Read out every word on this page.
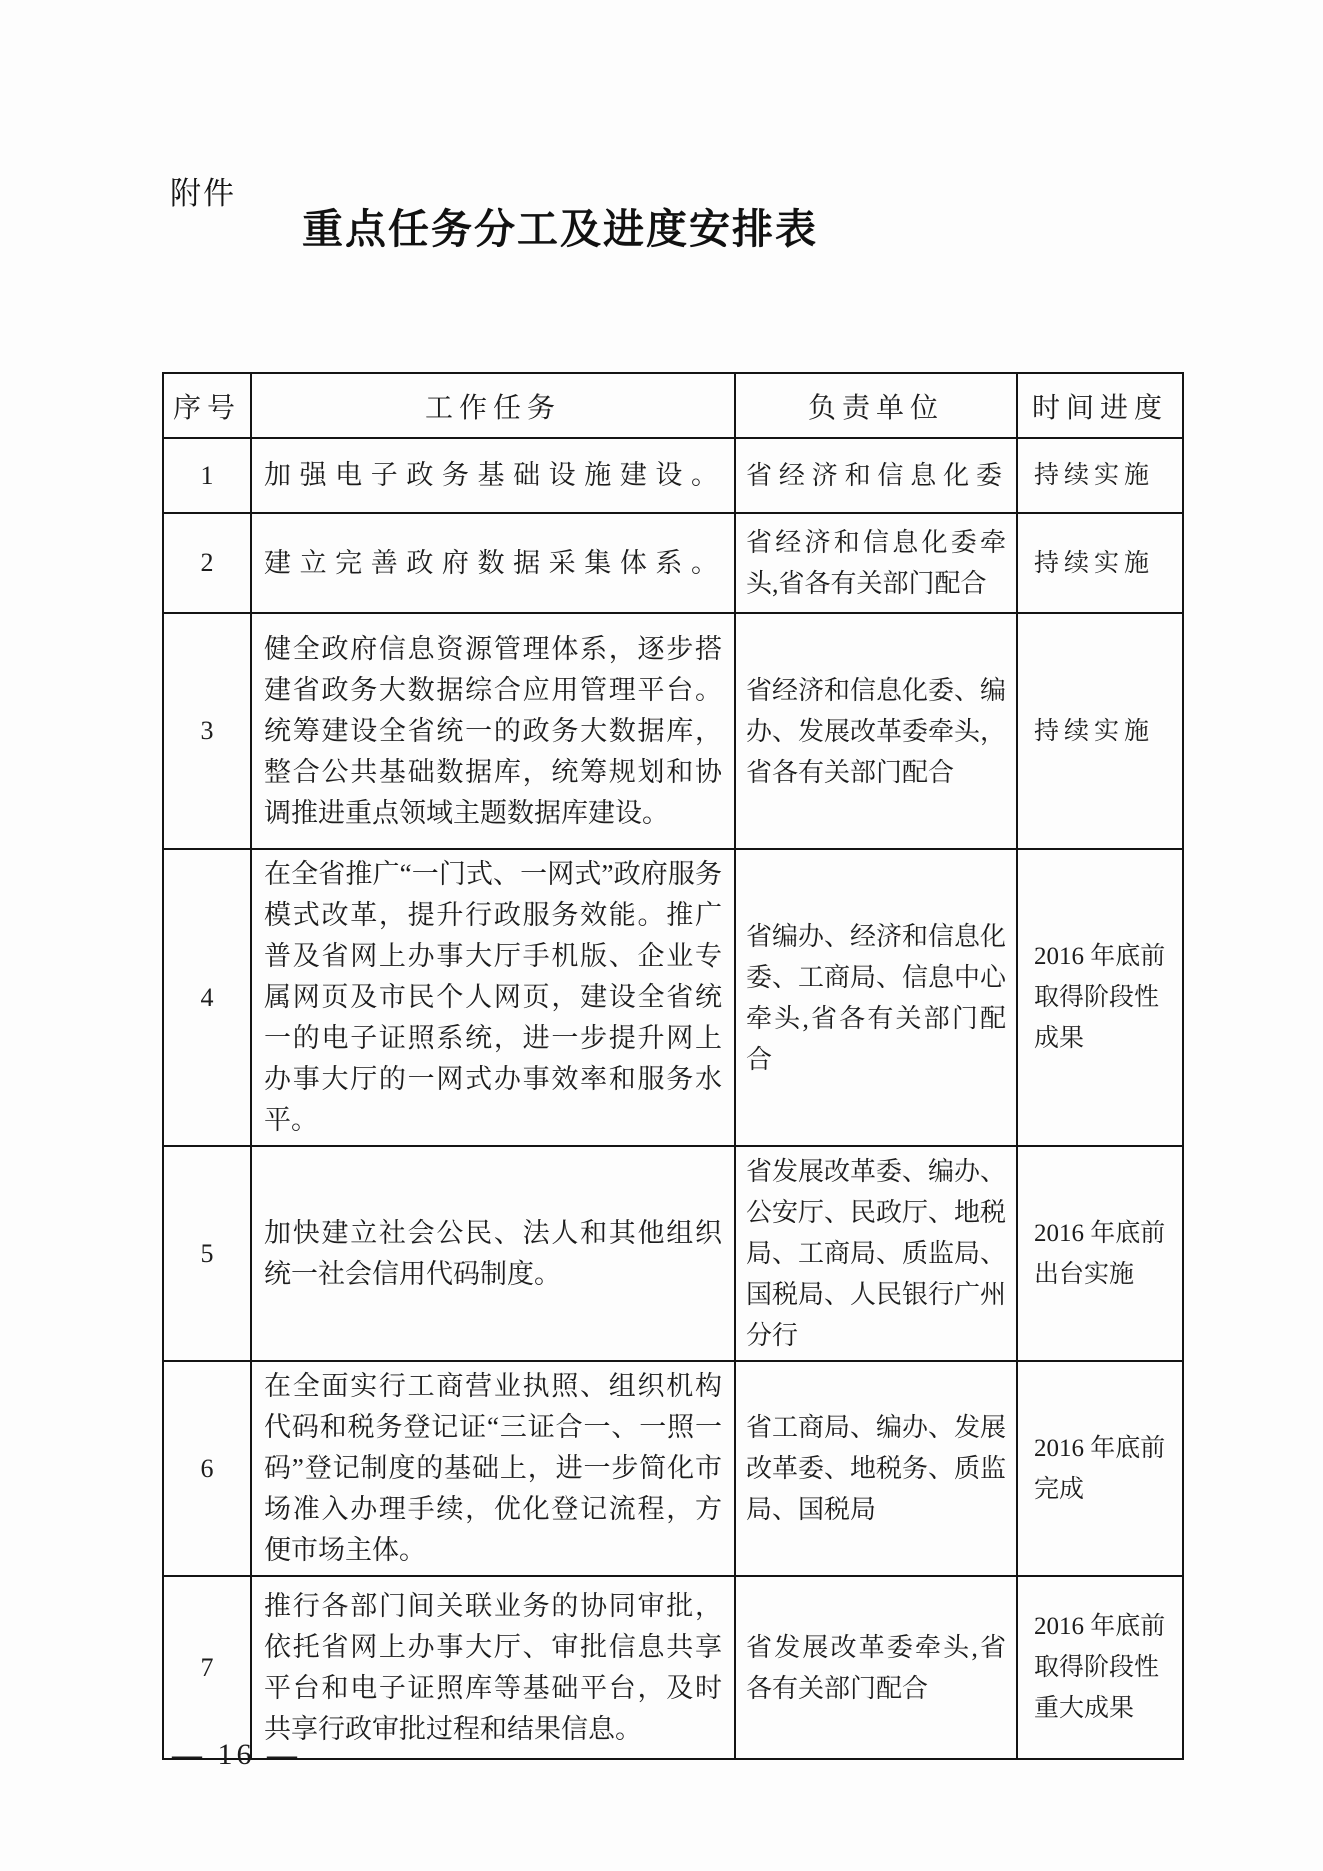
附件
重点任务分工及进度安排表
序号	工作任务	负责单位	时间进度
1	加强电子政务基础设施建设。	省经济和信息化委	持续实施
2	建立完善政府数据采集体系。	省经济和信息化委牵头,省各有关部门配合	持续实施
3	健全政府信息资源管理体系，逐步搭建省政务大数据综合应用管理平台。统筹建设全省统一的政务大数据库，整合公共基础数据库，统筹规划和协调推进重点领域主题数据库建设。	省经济和信息化委、编办、发展改革委牵头，省各有关部门配合	持续实施
4	在全省推广“一门式、一网式”政府服务模式改革，提升行政服务效能。推广普及省网上办事大厅手机版、企业专属网页及市民个人网页，建设全省统一的电子证照系统，进一步提升网上办事大厅的一网式办事效率和服务水平。	省编办、经济和信息化委、工商局、信息中心牵头,省各有关部门配合	2016 年底前取得阶段性成果
5	加快建立社会公民、法人和其他组织统一社会信用代码制度。	省发展改革委、编办、公安厅、民政厅、地税局、工商局、质监局、国税局、人民银行广州分行	2016 年底前出台实施
6	在全面实行工商营业执照、组织机构代码和税务登记证“三证合一、一照一码”登记制度的基础上，进一步简化市场准入办理手续，优化登记流程，方便市场主体。	省工商局、编办、发展改革委、地税务、质监局、国税局	2016 年底前完成
7	推行各部门间关联业务的协同审批，依托省网上办事大厅、审批信息共享平台和电子证照库等基础平台，及时共享行政审批过程和结果信息。	省发展改革委牵头,省各有关部门配合	2016 年底前取得阶段性重大成果
— 16 —
